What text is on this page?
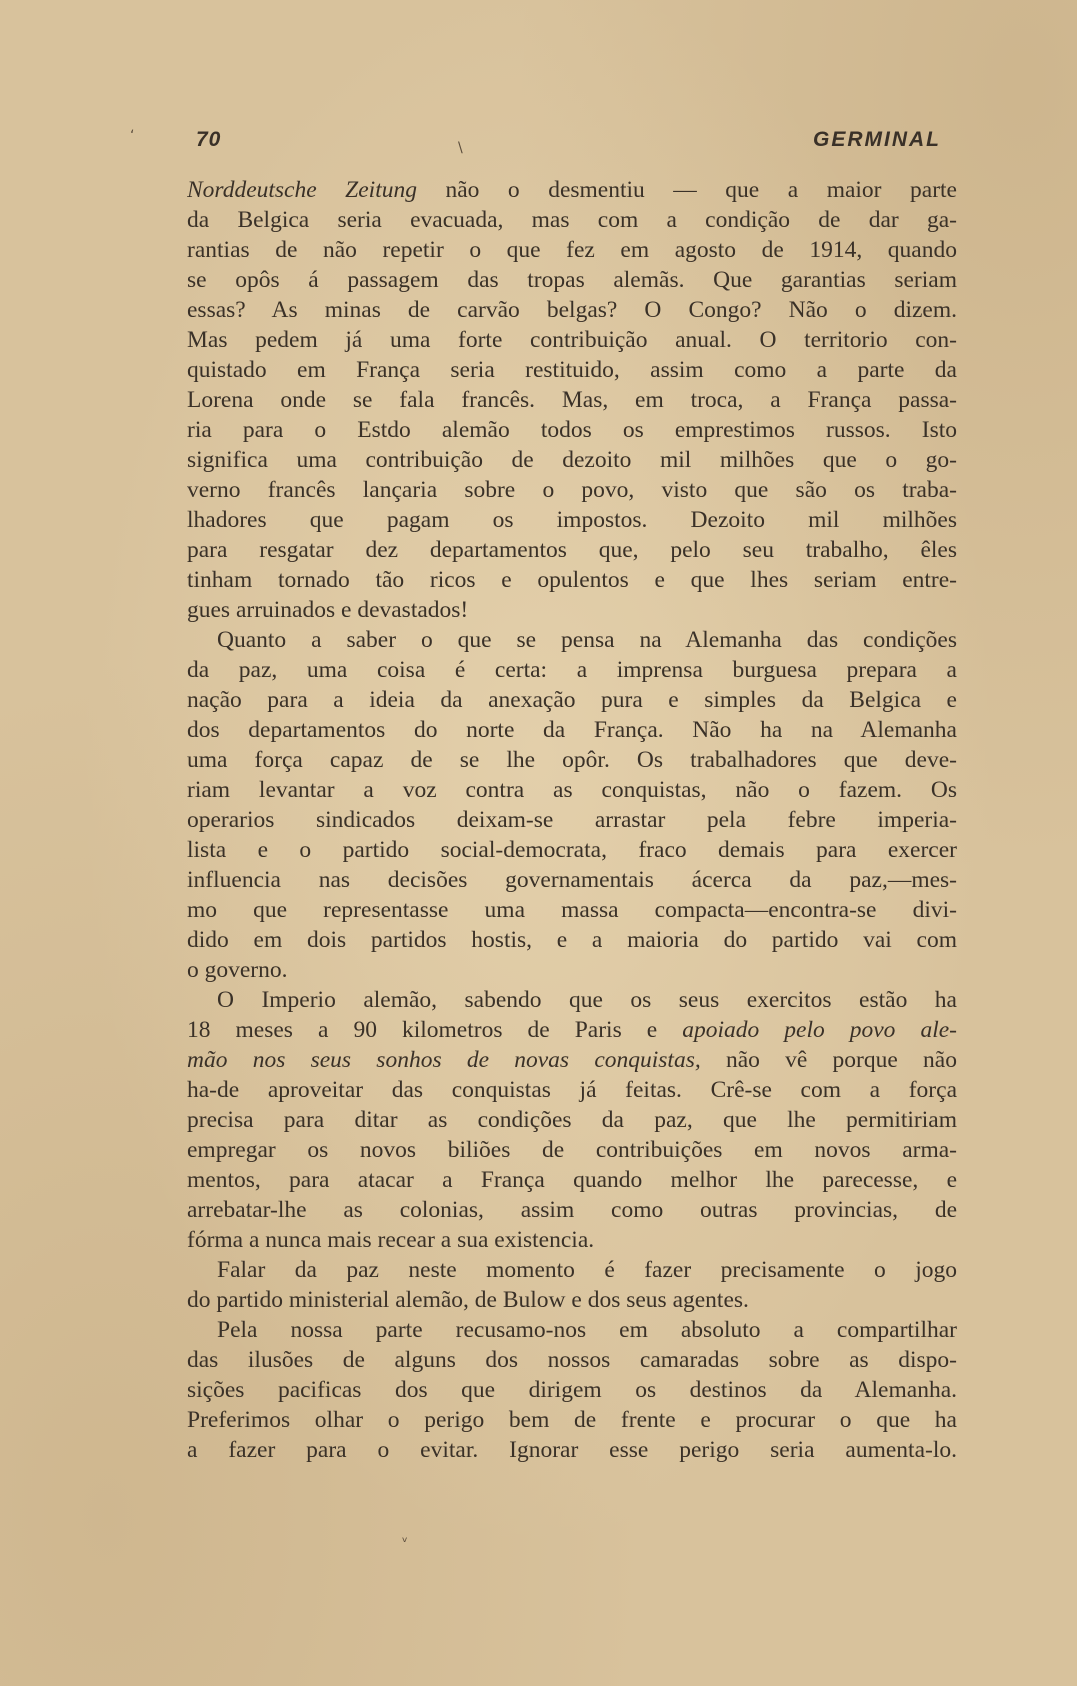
70	GERMINAL
Norddeutsche Zeitung não o desmentiu — que a maior parte
da Belgica seria evacuada, mas com a condição de dar ga-
rantias de não repetir o que fez em agosto de 1914, quando
se opôs á passagem das tropas alemãs. Que garantias seriam
essas? As minas de carvão belgas? O Congo? Não o dizem.
Mas pedem já uma forte contribuição anual. O territorio con-
quistado em França seria restituido, assim como a parte da
Lorena onde se fala francês. Mas, em troca, a França passa-
ria para o Estdo alemão todos os emprestimos russos. Isto
significa uma contribuição de dezoito mil milhões que o go-
verno francês lançaria sobre o povo, visto que são os traba-
lhadores que pagam os impostos. Dezoito mil milhões
para resgatar dez departamentos que, pelo seu trabalho, êles
tinham tornado tão ricos e opulentos e que lhes seriam entre-
gues arruinados e devastados!
Quanto a saber o que se pensa na Alemanha das condições
da paz, uma coisa é certa: a imprensa burguesa prepara a
nação para a ideia da anexação pura e simples da Belgica e
dos departamentos do norte da França. Não ha na Alemanha
uma força capaz de se lhe opôr. Os trabalhadores que deve-
riam levantar a voz contra as conquistas, não o fazem. Os
operarios sindicados deixam-se arrastar pela febre imperia-
lista e o partido social-democrata, fraco demais para exercer
influencia nas decisões governamentais ácerca da paz,—mes-
mo que representasse uma massa compacta—encontra-se divi-
dido em dois partidos hostis, e a maioria do partido vai com
o governo.
O Imperio alemão, sabendo que os seus exercitos estão ha
18 meses a 90 kilometros de Paris e apoiado pelo povo ale-
mão nos seus sonhos de novas conquistas, não vê porque não
ha-de aproveitar das conquistas já feitas. Crê-se com a força
precisa para ditar as condições da paz, que lhe permitiriam
empregar os novos biliões de contribuições em novos arma-
mentos, para atacar a França quando melhor lhe parecesse, e
arrebatar-lhe as colonias, assim como outras provincias, de
fórma a nunca mais recear a sua existencia.
Falar da paz neste momento é fazer precisamente o jogo
do partido ministerial alemão, de Bulow e dos seus agentes.
Pela nossa parte recusamo-nos em absoluto a compartilhar
das ilusões de alguns dos nossos camaradas sobre as dispo-
sições pacificas dos que dirigem os destinos da Alemanha.
Preferimos olhar o perigo bem de frente e procurar o que ha
a fazer para o evitar. Ignorar esse perigo seria aumenta-lo.
‘
\
ᵥ
